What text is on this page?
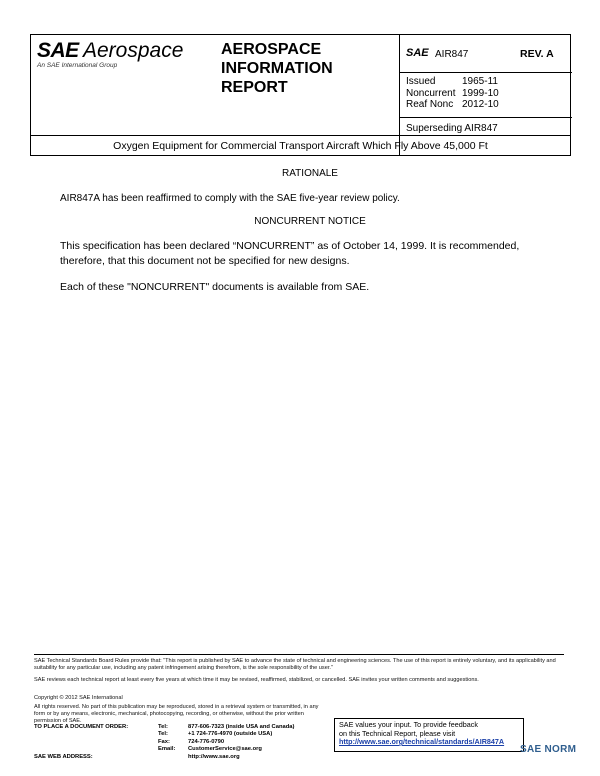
SAE Aerospace
An SAE International Group
AEROSPACE
INFORMATION
REPORT
SAE AIR847	REV. A
Issued	1965-11
Noncurrent 1999-10
Reaf Nonc 2012-10
Superseding AIR847
Oxygen Equipment for Commercial Transport Aircraft Which Fly Above 45,000 Ft
RATIONALE
AIR847A has been reaffirmed to comply with the SAE five-year review policy.
NONCURRENT NOTICE
This specification has been declared “NONCURRENT” as of October 14, 1999. It is recommended, therefore, that this document not be specified for new designs.
Each of these "NONCURRENT" documents is available from SAE.
SAE Technical Standards Board Rules provide that: “This report is published by SAE to advance the state of technical and engineering sciences. The use of this report is entirely voluntary, and its applicability and suitability for any particular use, including any patent infringement arising therefrom, is the sole responsibility of the user.”
SAE reviews each technical report at least every five years at which time it may be revised, reaffirmed, stabilized, or cancelled. SAE invites your written comments and suggestions.
Copyright © 2012 SAE International
All rights reserved. No part of this publication may be reproduced, stored in a retrieval system or transmitted, in any form or by any means, electronic, mechanical, photocopying, recording, or otherwise, without the prior written permission of SAE.
TO PLACE A DOCUMENT ORDER:	Tel:	877-606-7323 (inside USA and Canada)
Tel:	+1 724-776-4970 (outside USA)
Fax:	724-776-0790
Email: CustomerService@sae.org
SAE WEB ADDRESS:	http://www.sae.org
SAE values your input. To provide feedback
on this Technical Report, please visit
http://www.sae.org/technical/standards/AIR847A
SAE NORM
